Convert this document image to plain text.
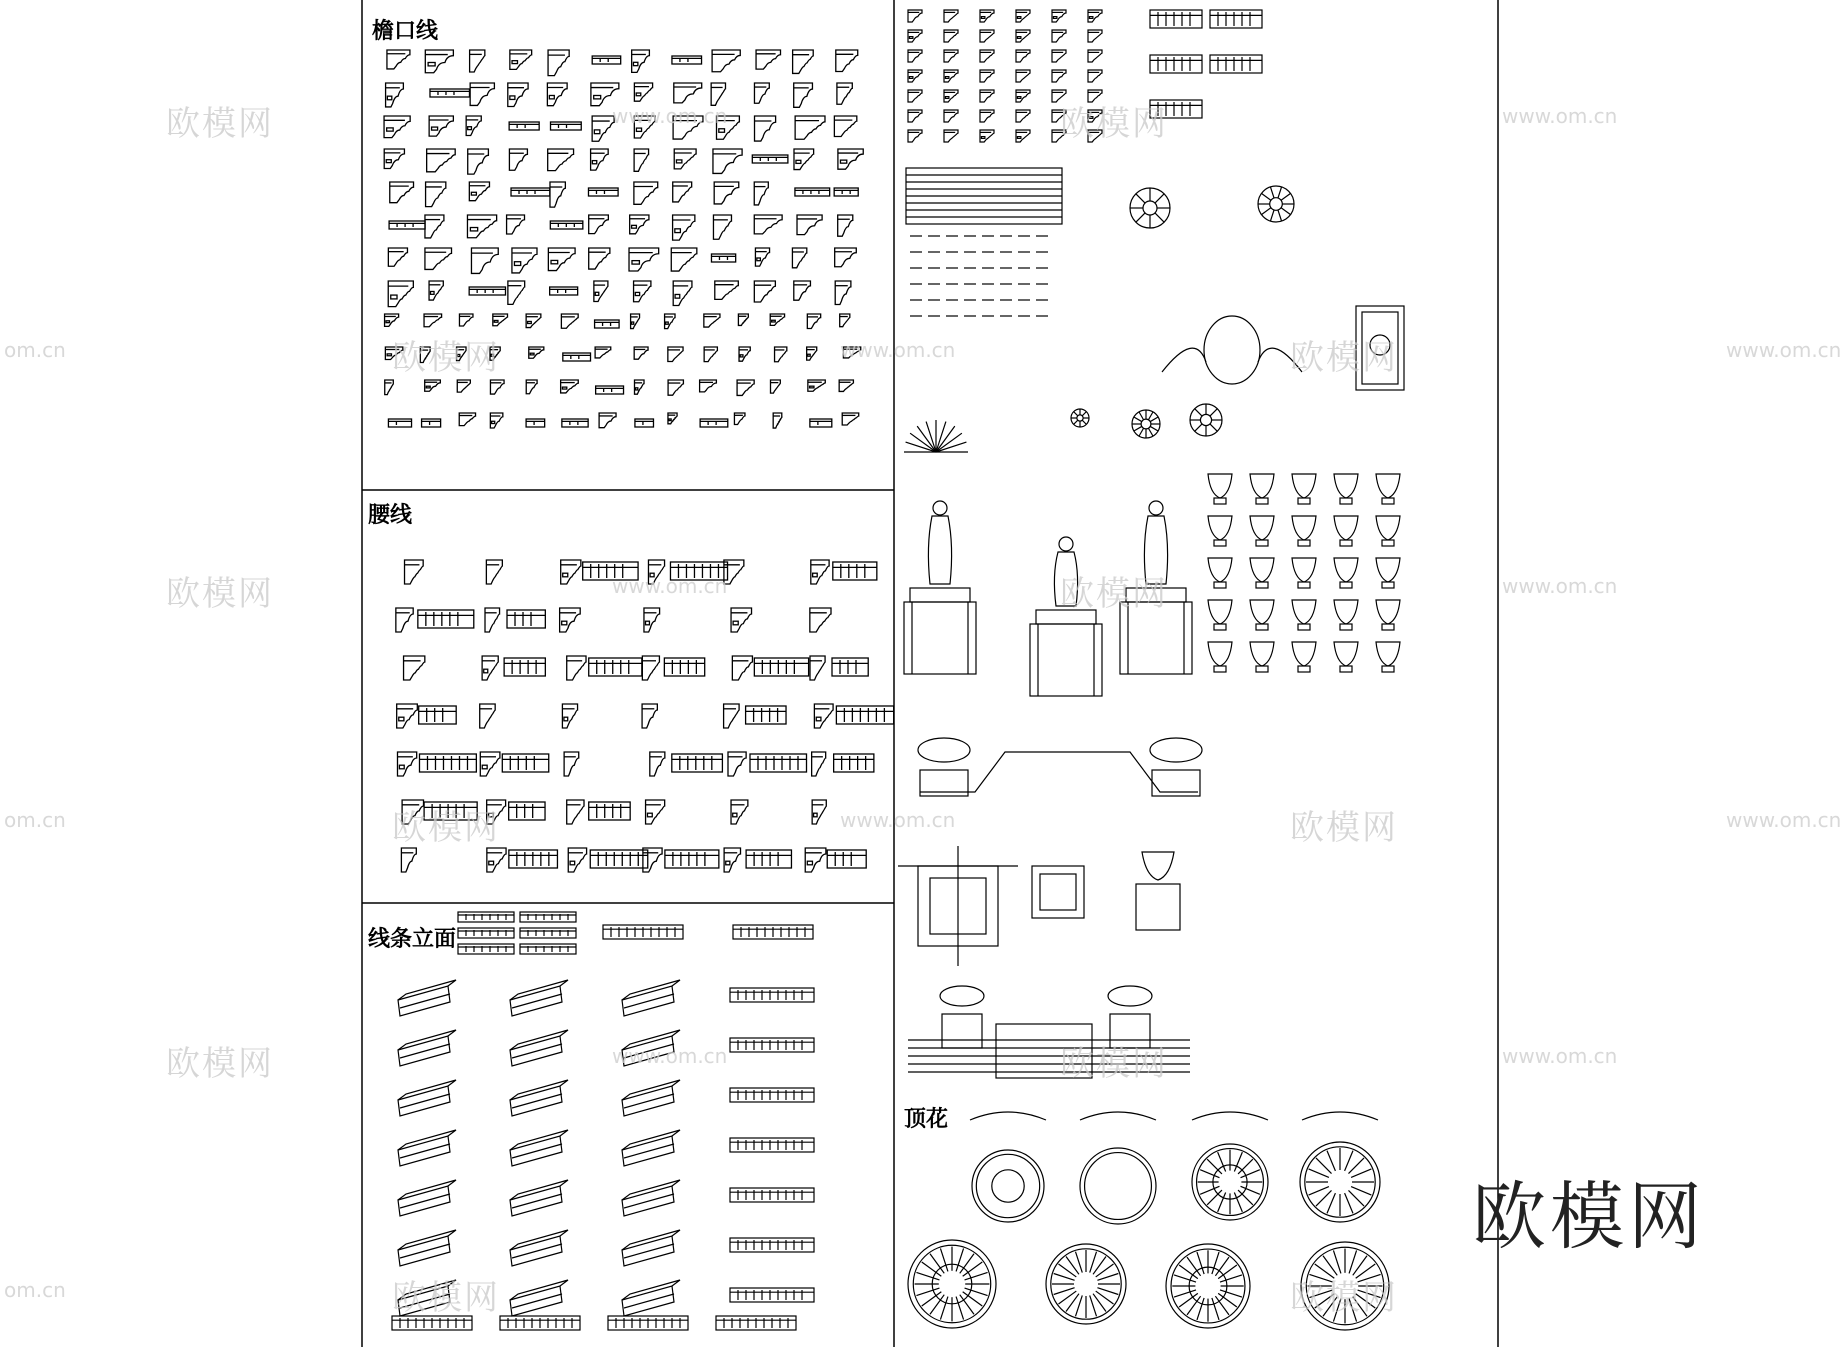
檐口线
腰线
线条立面
顶花
欧模网
欧模网
欧模网
欧模网
欧模网
欧模网
欧模网
欧模网
欧模网
欧模网
欧模网
欧模网
www.om.cn
www.om.cn
www.om.cn
www.om.cn
www.om.cn
www.om.cn
www.om.cn
www.om.cn
www.om.cn
www.om.cn
om.cn
om.cn
om.cn
欧模网
